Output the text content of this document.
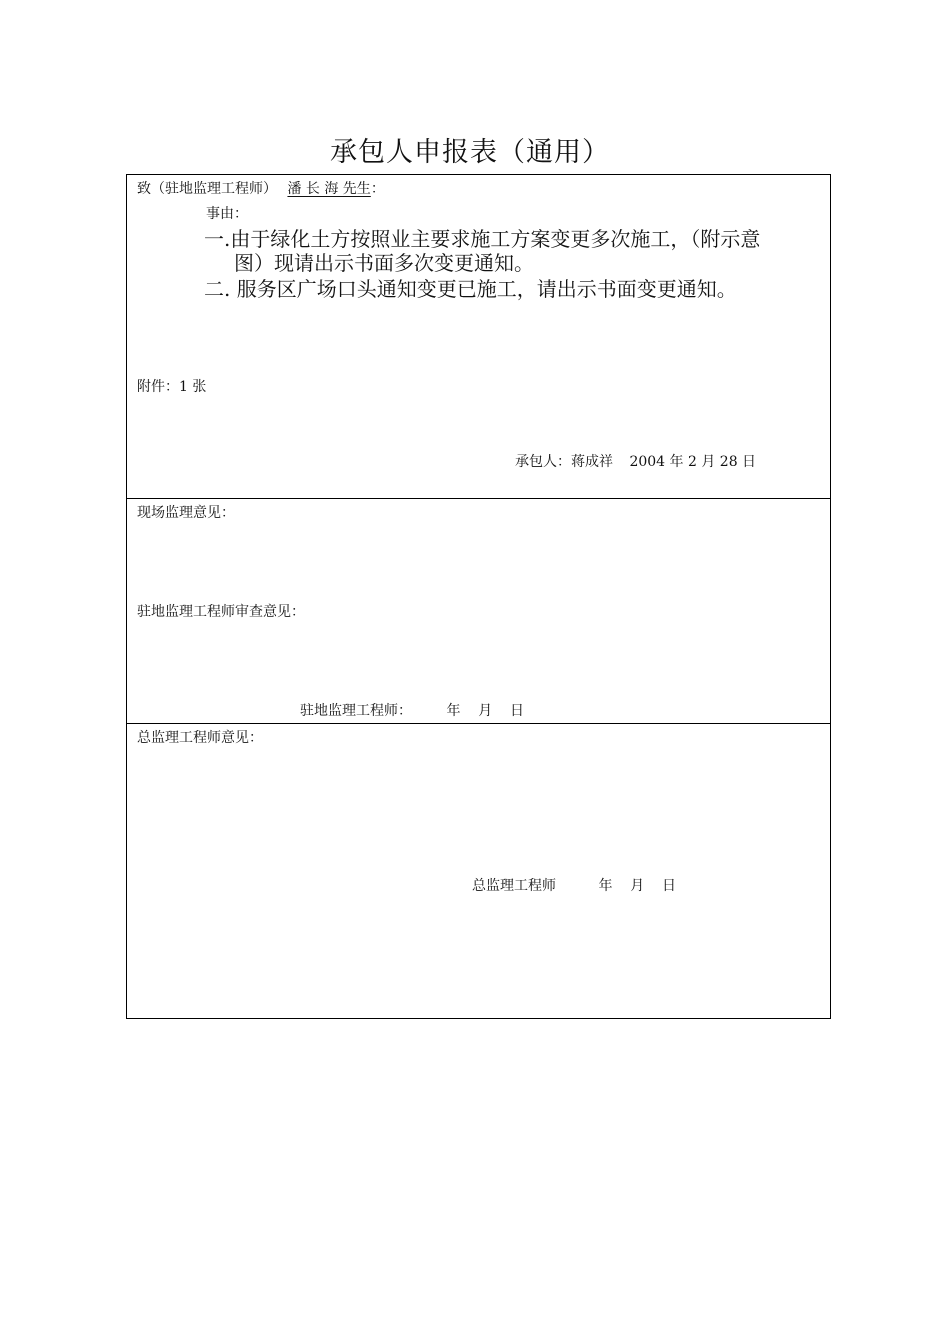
承包人申报表（通用）
致（驻地监理工程师） 潘 长 海 先生：
事由：
一.由于绿化土方按照业主要求施工方案变更多次施工，（附示意
图）现请出示书面多次变更通知。
二. 服务区广场口头通知变更已施工，请出示书面变更通知。
附件：1 张
承包人：蒋成祥 2004 年 2 月 28 日
现场监理意见：
驻地监理工程师审查意见：
驻地监理工程师： 年    月    日
总监理工程师意见：
总监理工程师	年    月    日
